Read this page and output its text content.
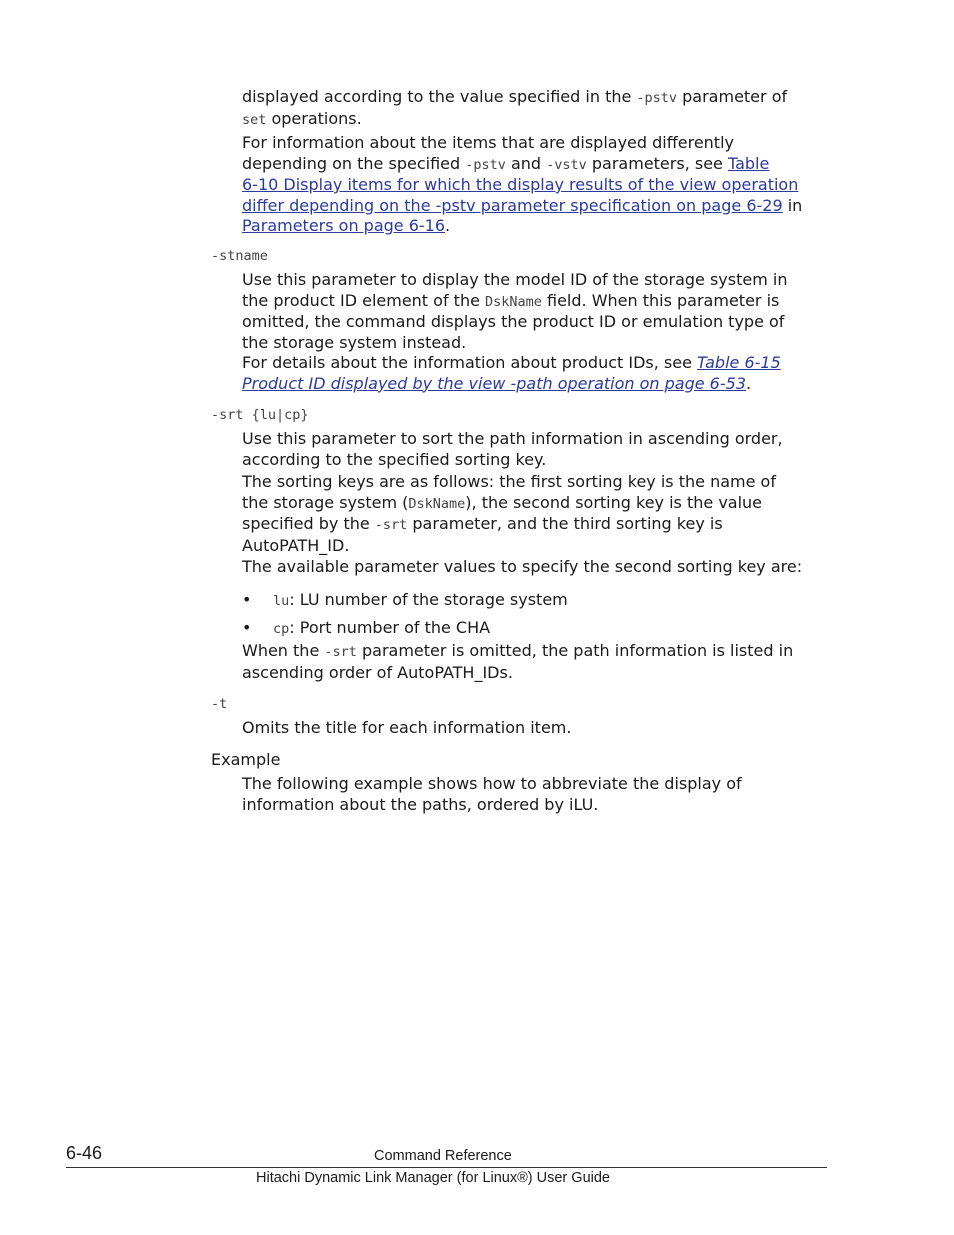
displayed according to the value specified in the -pstv parameter of
set operations.

For information about the items that are displayed differently
depending on the specified -pstv and -vstv parameters, see Table
6-10 Display items for which the display results of the view operation
differ depending on the -pstv parameter specification on page 6-29 in
Parameters on page 6-16.

-stname

Use this parameter to display the model ID of the storage system in
the product ID element of the DskName field. When this parameter is
omitted, the command displays the product ID or emulation type of
the storage system instead.

For details about the information about product IDs, see Table 6-15
Product ID displayed by the view -path operation on page 6-53.

-srt {lu|cp}

Use this parameter to sort the path information in ascending order,
according to the specified sorting key.

The sorting keys are as follows: the first sorting key is the name of
the storage system (DskName), the second sorting key is the value
specified by the -srt parameter, and the third sorting key is
AutoPATH_ID.

The available parameter values to specify the second sorting key are:

• lu: LU number of the storage system
• cp: Port number of the CHA

When the -srt parameter is omitted, the path information is listed in
ascending order of AutoPATH_IDs.

-t

Omits the title for each information item.

Example

The following example shows how to abbreviate the display of
information about the paths, ordered by iLU.

6-46	Command Reference
Hitachi Dynamic Link Manager (for Linux®) User Guide
